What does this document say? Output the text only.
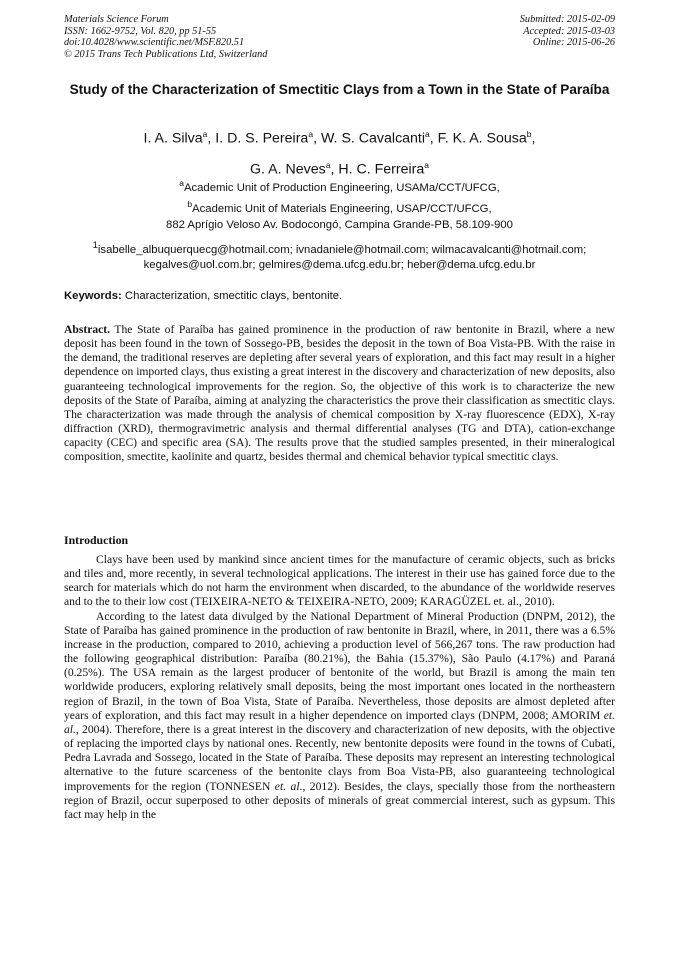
Materials Science Forum
ISSN: 1662-9752, Vol. 820, pp 51-55
doi:10.4028/www.scientific.net/MSF.820.51
© 2015 Trans Tech Publications Ltd, Switzerland
Submitted: 2015-02-09
Accepted: 2015-03-03
Online: 2015-06-26
Study of the Characterization of Smectitic Clays from a Town in the State of Paraíba
I. A. Silva$^a$, I. D. S. Pereira$^a$, W. S. Cavalcanti$^a$, F. K. A. Sousa$^b$,
G. A. Neves$^a$, H. C. Ferreira$^a$
$^a$Academic Unit of Production Engineering, USAMa/CCT/UFCG,
$^b$Academic Unit of Materials Engineering, USAP/CCT/UFCG,
882 Aprígio Veloso Av. Bodocongó, Campina Grande-PB, 58.109-900
$^1$isabelle_albuquerquecg@hotmail.com; ivnadaniele@hotmail.com; wilmacavalcanti@hotmail.com;
kegalves@uol.com.br; gelmires@dema.ufcg.edu.br; heber@dema.ufcg.edu.br
Keywords: Characterization, smectitic clays, bentonite.
Abstract. The State of Paraíba has gained prominence in the production of raw bentonite in Brazil, where a new deposit has been found in the town of Sossego-PB, besides the deposit in the town of Boa Vista-PB. With the raise in the demand, the traditional reserves are depleting after several years of exploration, and this fact may result in a higher dependence on imported clays, thus existing a great interest in the discovery and characterization of new deposits, also guaranteeing technological improvements for the region. So, the objective of this work is to characterize the new deposits of the State of Paraíba, aiming at analyzing the characteristics the prove their classification as smectitic clays. The characterization was made through the analysis of chemical composition by X-ray fluorescence (EDX), X-ray diffraction (XRD), thermogravimetric analysis and thermal differential analyses (TG and DTA), cation-exchange capacity (CEC) and specific area (SA). The results prove that the studied samples presented, in their mineralogical composition, smectite, kaolinite and quartz, besides thermal and chemical behavior typical smectitic clays.
Introduction

Clays have been used by mankind since ancient times for the manufacture of ceramic objects, such as bricks and tiles and, more recently, in several technological applications. The interest in their use has gained force due to the search for materials which do not harm the environment when discarded, to the abundance of the worldwide reserves and to the to their low cost (TEIXEIRA-NETO & TEIXEIRA-NETO, 2009; KARAGÜZEL et. al., 2010).

According to the latest data divulged by the National Department of Mineral Production (DNPM, 2012), the State of Paraíba has gained prominence in the production of raw bentonite in Brazil, where, in 2011, there was a 6.5% increase in the production, compared to 2010, achieving a production level of 566,267 tons. The raw production had the following geographical distribution: Paraíba (80.21%), the Bahia (15.37%), São Paulo (4.17%) and Paraná (0.25%). The USA remain as the largest producer of bentonite of the world, but Brazil is among the main ten worldwide producers, exploring relatively small deposits, being the most important ones located in the northeastern region of Brazil, in the town of Boa Vista, State of Paraíba. Nevertheless, those deposits are almost depleted after years of exploration, and this fact may result in a higher dependence on imported clays (DNPM, 2008; AMORIM et. al., 2004). Therefore, there is a great interest in the discovery and characterization of new deposits, with the objective of replacing the imported clays by national ones. Recently, new bentonite deposits were found in the towns of Cubati, Pedra Lavrada and Sossego, located in the State of Paraíba. These deposits may represent an interesting technological alternative to the future scarceness of the bentonite clays from Boa Vista-PB, also guaranteeing technological improvements for the region (TONNESEN et. al., 2012). Besides, the clays, specially those from the northeastern region of Brazil, occur superposed to other deposits of minerals of great commercial interest, such as gypsum. This fact may help in the
